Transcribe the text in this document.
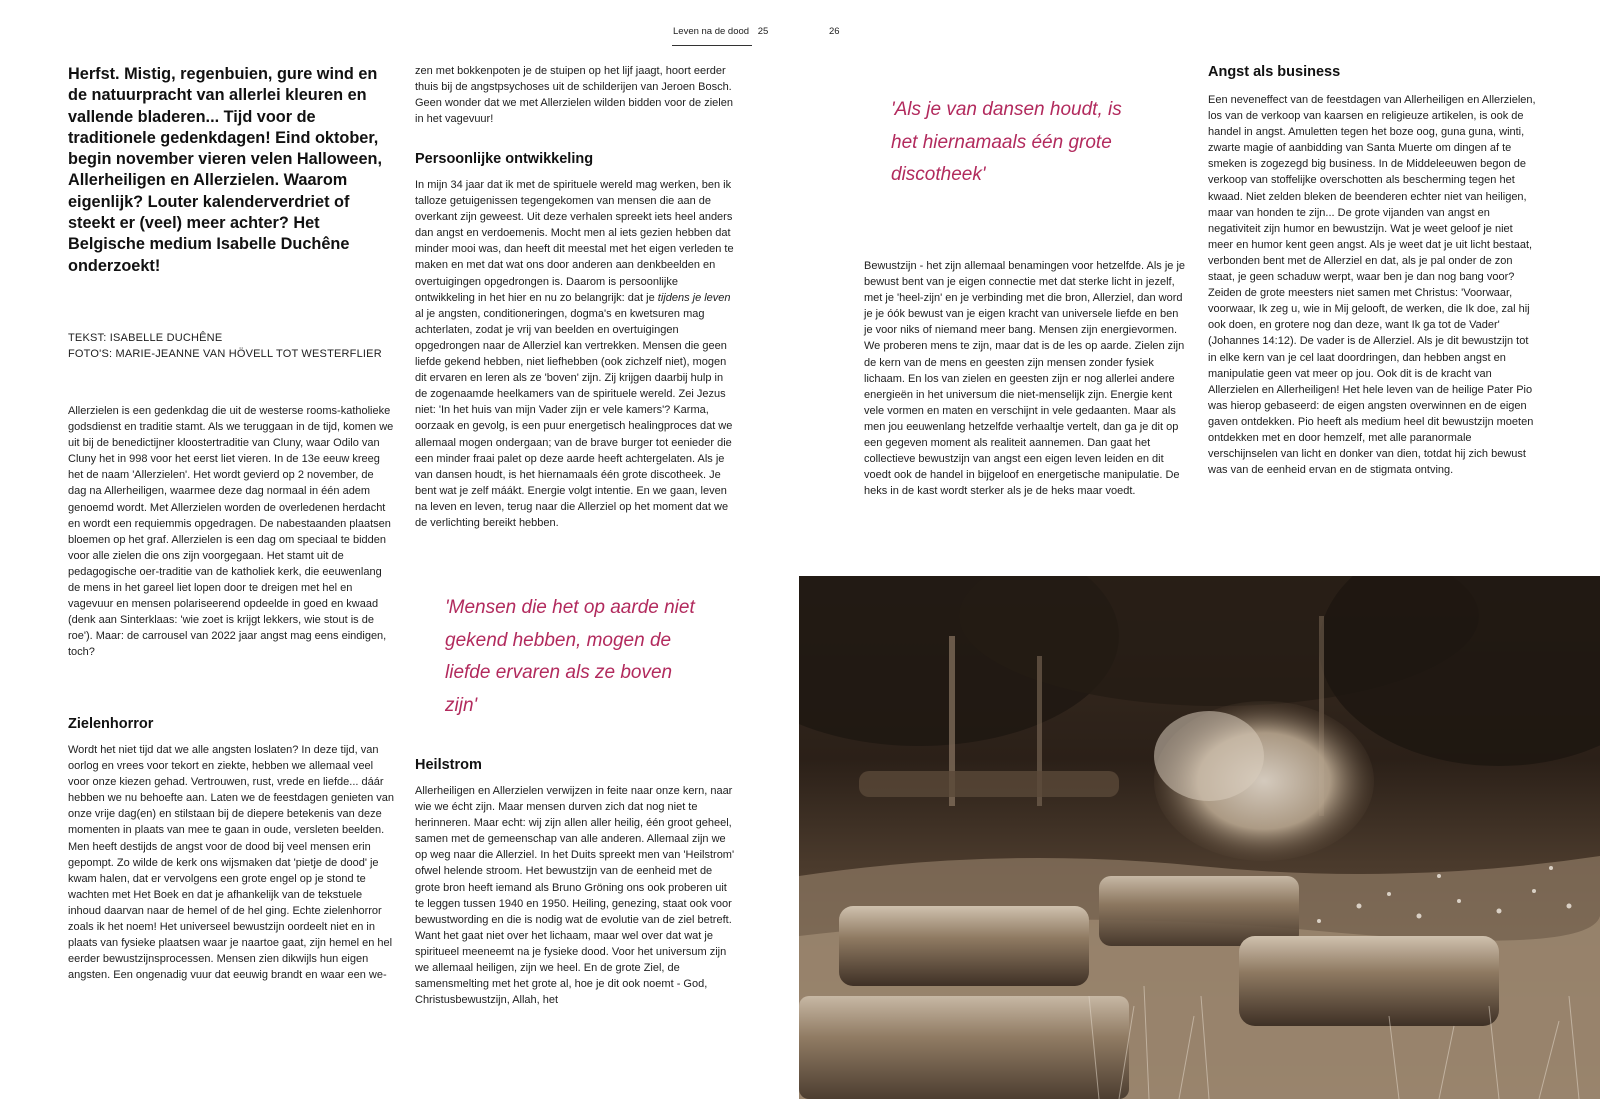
Leven na de dood 25	26

Herfst. Mistig, regenbuien, gure wind en de natuurpracht van allerlei kleuren en vallende bladeren... Tijd voor de traditionele gedenkdagen! Eind oktober, begin november vieren velen Halloween, Allerheiligen en Allerzielen. Waarom eigenlijk? Louter kalenderverdriet of steekt er (veel) meer achter? Het Belgische medium Isabelle Duchêne onderzoekt!

TEKST: ISABELLE DUCHÊNE

FOTO'S: MARIE-JEANNE VAN HÖVELL TOT WESTERFLIER

Allerzielen is een gedenkdag die uit de westerse rooms-katholieke godsdienst en traditie stamt. Als we teruggaan in de tijd, komen we uit bij de benedictijner kloostertraditie van Cluny, waar Odilo van Cluny het in 998 voor het eerst liet vieren. In de 13e eeuw kreeg het de naam 'Allerzielen'. Het wordt gevierd op 2 november, de dag na Allerheiligen, waarmee deze dag normaal in één adem genoemd wordt. Met Allerzielen worden de overledenen herdacht en wordt een requiemmis opgedragen. De nabestaanden plaatsen bloemen op het graf. Allerzielen is een dag om speciaal te bidden voor alle zielen die ons zijn voorgegaan. Het stamt uit de pedagogische oer-traditie van de katholiek kerk, die eeuwenlang de mens in het gareel liet lopen door te dreigen met hel en vagevuur en mensen polariseerend opdeelde in goed en kwaad (denk aan Sinterklaas: 'wie zoet is krijgt lekkers, wie stout is de roe'). Maar: de carrousel van 2022 jaar angst mag eens eindigen, toch?

Zielenhorror

Wordt het niet tijd dat we alle angsten loslaten? In deze tijd, van oorlog en vrees voor tekort en ziekte, hebben we allemaal veel voor onze kiezen gehad. Vertrouwen, rust, vrede en liefde... dáár hebben we nu behoefte aan. Laten we de feestdagen genieten van onze vrije dag(en) en stilstaan bij de diepere betekenis van deze momenten in plaats van mee te gaan in oude, versleten beelden. Men heeft destijds de angst voor de dood bij veel mensen erin gepompt. Zo wilde de kerk ons wijsmaken dat 'pietje de dood' je kwam halen, dat er vervolgens een grote engel op je stond te wachten met Het Boek en dat je afhankelijk van de tekstuele inhoud daarvan naar de hemel of de hel ging. Echte zielenhorror zoals ik het noem! Het universeel bewustzijn oordeelt niet en in plaats van fysieke plaatsen waar je naartoe gaat, zijn hemel en hel eerder bewustzijnsprocessen. Mensen zien dikwijls hun eigen angsten. Een ongenadig vuur dat eeuwig brandt en waar een we-

zen met bokkenpoten je de stuipen op het lijf jaagt, hoort eerder thuis bij de angstpsychoses uit de schilderijen van Jeroen Bosch. Geen wonder dat we met Allerzielen wilden bidden voor de zielen in het vagevuur!

Persoonlijke ontwikkeling

In mijn 34 jaar dat ik met de spirituele wereld mag werken, ben ik talloze getuigenissen tegengekomen van mensen die aan de overkant zijn geweest. Uit deze verhalen spreekt iets heel anders dan angst en verdoemenis. Mocht men al iets gezien hebben dat minder mooi was, dan heeft dit meestal met het eigen verleden te maken en met dat wat ons door anderen aan denkbeelden en overtuigingen opgedrongen is. Daarom is persoonlijke ontwikkeling in het hier en nu zo belangrijk: dat je tijdens je leven al je angsten, conditioneringen, dogma's en kwetsuren mag achterlaten, zodat je vrij van beelden en overtuigingen opgedrongen naar de Allerziel kan vertrekken. Mensen die geen liefde gekend hebben, niet liefhebben (ook zichzelf niet), mogen dit ervaren en leren als ze 'boven' zijn. Zij krijgen daarbij hulp in de zogenaamde heelkamers van de spirituele wereld. Zei Jezus niet: 'In het huis van mijn Vader zijn er vele kamers'? Karma, oorzaak en gevolg, is een puur energetisch healingproces dat we allemaal mogen ondergaan; van de brave burger tot eenieder die een minder fraai palet op deze aarde heeft achtergelaten. Als je van dansen houdt, is het hiernamaals één grote discotheek. Je bent wat je zelf máákt. Energie volgt intentie. En we gaan, leven na leven en leven, terug naar die Allerziel op het moment dat we de verlichting bereikt hebben.

'Mensen die het op aarde niet gekend hebben, mogen de liefde ervaren als ze boven zijn'

Heilstrom

Allerheiligen en Allerzielen verwijzen in feite naar onze kern, naar wie we écht zijn. Maar mensen durven zich dat nog niet te herinneren. Maar echt: wij zijn allen aller heilig, één groot geheel, samen met de gemeenschap van alle anderen. Allemaal zijn we op weg naar die Allerziel. In het Duits spreekt men van 'Heilstrom' ofwel helende stroom. Het bewustzijn van de eenheid met de grote bron heeft iemand als Bruno Gröning ons ook proberen uit te leggen tussen 1940 en 1950. Heiling, genezing, staat ook voor bewustwording en die is nodig wat de evolutie van de ziel betreft. Want het gaat niet over het lichaam, maar wel over dat wat je spiritueel meeneemt na je fysieke dood. Voor het universum zijn we allemaal heiligen, zijn we heel. En de grote Ziel, de samensmelting met het grote al, hoe je dit ook noemt - God, Christusbewustzijn, Allah, het

'Als je van dansen houdt, is het hiernamaals één grote discotheek'

Bewustzijn - het zijn allemaal benamingen voor hetzelfde. Als je je bewust bent van je eigen connectie met dat sterke licht in jezelf, met je 'heel-zijn' en je verbinding met die bron, Allerziel, dan word je je óók bewust van je eigen kracht van universele liefde en ben je voor niks of niemand meer bang. Mensen zijn energievormen. We proberen mens te zijn, maar dat is de les op aarde. Zielen zijn de kern van de mens en geesten zijn mensen zonder fysiek lichaam. En los van zielen en geesten zijn er nog allerlei andere energieën in het universum die niet-menselijk zijn. Energie kent vele vormen en maten en verschijnt in vele gedaanten. Maar als men jou eeuwenlang hetzelfde verhaaltje vertelt, dan ga je dit op een gegeven moment als realiteit aannemen. Dan gaat het collectieve bewustzijn van angst een eigen leven leiden en dit voedt ook de handel in bijgeloof en energetische manipulatie. De heks in de kast wordt sterker als je de heks maar voedt.

Angst als business

Een neveneffect van de feestdagen van Allerheiligen en Allerzielen, los van de verkoop van kaarsen en religieuze artikelen, is ook de handel in angst. Amuletten tegen het boze oog, guna guna, winti, zwarte magie of aanbidding van Santa Muerte om dingen af te smeken is zogezegd big business. In de Middeleeuwen begon de verkoop van stoffelijke overschotten als bescherming tegen het kwaad. Niet zelden bleken de beenderen echter niet van heiligen, maar van honden te zijn... De grote vijanden van angst en negativiteit zijn humor en bewustzijn. Wat je weet geloof je niet meer en humor kent geen angst. Als je weet dat je uit licht bestaat, verbonden bent met de Allerziel en dat, als je pal onder de zon staat, je geen schaduw werpt, waar ben je dan nog bang voor? Zeiden de grote meesters niet samen met Christus: 'Voorwaar, voorwaar, Ik zeg u, wie in Mij gelooft, de werken, die Ik doe, zal hij ook doen, en grotere nog dan deze, want Ik ga tot de Vader' (Johannes 14:12). De vader is de Allerziel. Als je dit bewustzijn tot in elke kern van je cel laat doordringen, dan hebben angst en manipulatie geen vat meer op jou. Ook dit is de kracht van Allerzielen en Allerheiligen! Het hele leven van de heilige Pater Pio was hierop gebaseerd: de eigen angsten overwinnen en de eigen gaven ontdekken. Pio heeft als medium heel dit bewustzijn moeten ontdekken met en door hemzelf, met alle paranormale verschijnselen van licht en donker van dien, totdat hij zich bewust was van de eenheid ervan en de stigmata ontving.
